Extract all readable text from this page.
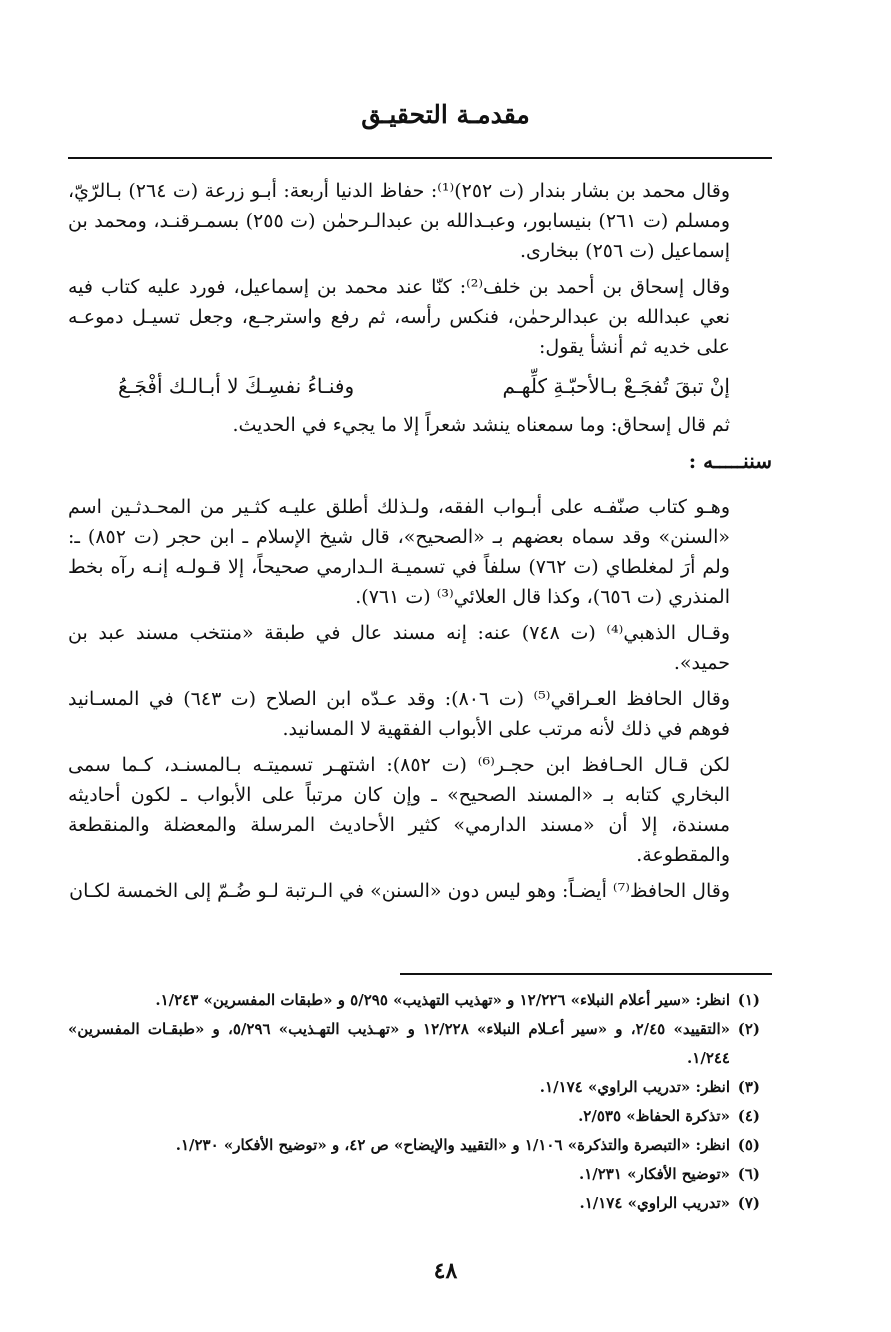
مقدمـة التحقيـق

وقال محمد بن بشار بندار (ت ٢٥٢)⁽¹⁾: حفاظ الدنيا أربعة: أبـو زرعة (ت ٢٦٤) بـالرّيّ، ومسلم (ت ٢٦١) بنيسابور، وعبـدالله بن عبدالـرحمٰن (ت ٢٥٥) بسمـرقنـد، ومحمد بن إسماعيل (ت ٢٥٦) ببخارى.

وقال إسحاق بن أحمد بن خلف⁽²⁾: كنّا عند محمد بن إسماعيل، فورد عليه كتاب فيه نعي عبدالله بن عبدالرحمٰن، فنكس رأسه، ثم رفع واسترجـع، وجعل تسيـل دموعـه على خديه ثم أنشأ يقول:

إنْ تبقَ تُفجَـعْ بـالأحبّـةِ كلِّهـم
وفنـاءُ نفسِـكَ لا أبـالـك أفْجَـعُ

ثم قال إسحاق: وما سمعناه ينشد شعراً إلا ما يجيء في الحديث.

سننـــــه :

وهـو كتاب صنّفـه على أبـواب الفقه، ولـذلك أطلق عليـه كثـير من المحـدثـين اسم «السنن» وقد سماه بعضهم بـ «الصحيح»، قال شيخ الإسلام ـ ابن حجر (ت ٨٥٢) ـ: ولم أرَ لمغلطاي (ت ٧٦٢) سلفاً في تسميـة الـدارمي صحيحاً، إلا قـولـه إنـه رآه بخط المنذري (ت ٦٥٦)، وكذا قال العلائي⁽³⁾ (ت ٧٦١).

وقـال الذهبي⁽⁴⁾ (ت ٧٤٨) عنه: إنه مسند عال في طبقة «منتخب مسند عبد بن حميد».

وقال الحافظ العـراقي⁽⁵⁾ (ت ٨٠٦): وقد عـدّه ابن الصلاح (ت ٦٤٣) في المسـانيد فوهم في ذلك لأنه مرتب على الأبواب الفقهية لا المسانيد.

لكن قـال الحـافظ ابن حجـر⁽⁶⁾ (ت ٨٥٢): اشتهـر تسميتـه بـالمسنـد، كـما سمى البخاري كتابه بـ «المسند الصحيح» ـ وإن كان مرتباً على الأبواب ـ لكون أحاديثه مسندة، إلا أن «مسند الدارمي» كثير الأحاديث المرسلة والمعضلة والمنقطعة والمقطوعة.

وقال الحافظ⁽⁷⁾ أيضـاً: وهو ليس دون «السنن» في الـرتبة لـو ضُـمّ إلى الخمسة لكـان

(١)
انظر: «سير أعلام النبلاء» ١٢/٢٢٦ و «تهذيب التهذيب» ٥/٢٩٥ و «طبقات المفسرين» ١/٢٤٣.
(٢)
«التقييد» ٢/٤٥، و «سير أعـلام النبلاء» ١٢/٢٢٨ و «تهـذيب التهـذيب» ٥/٢٩٦، و «طبقـات المفسرين» ١/٢٤٤.
(٣)
انظر: «تدريب الراوي» ١/١٧٤.
(٤)
«تذكرة الحفاظ» ٢/٥٣٥.
(٥)
انظر: «التبصرة والتذكرة» ١/١٠٦ و «التقييد والإيضاح» ص ٤٢، و «توضيح الأفكار» ١/٢٣٠.
(٦)
«توضيح الأفكار» ١/٢٣١.
(٧)
«تدريب الراوي» ١/١٧٤.
٤٨
